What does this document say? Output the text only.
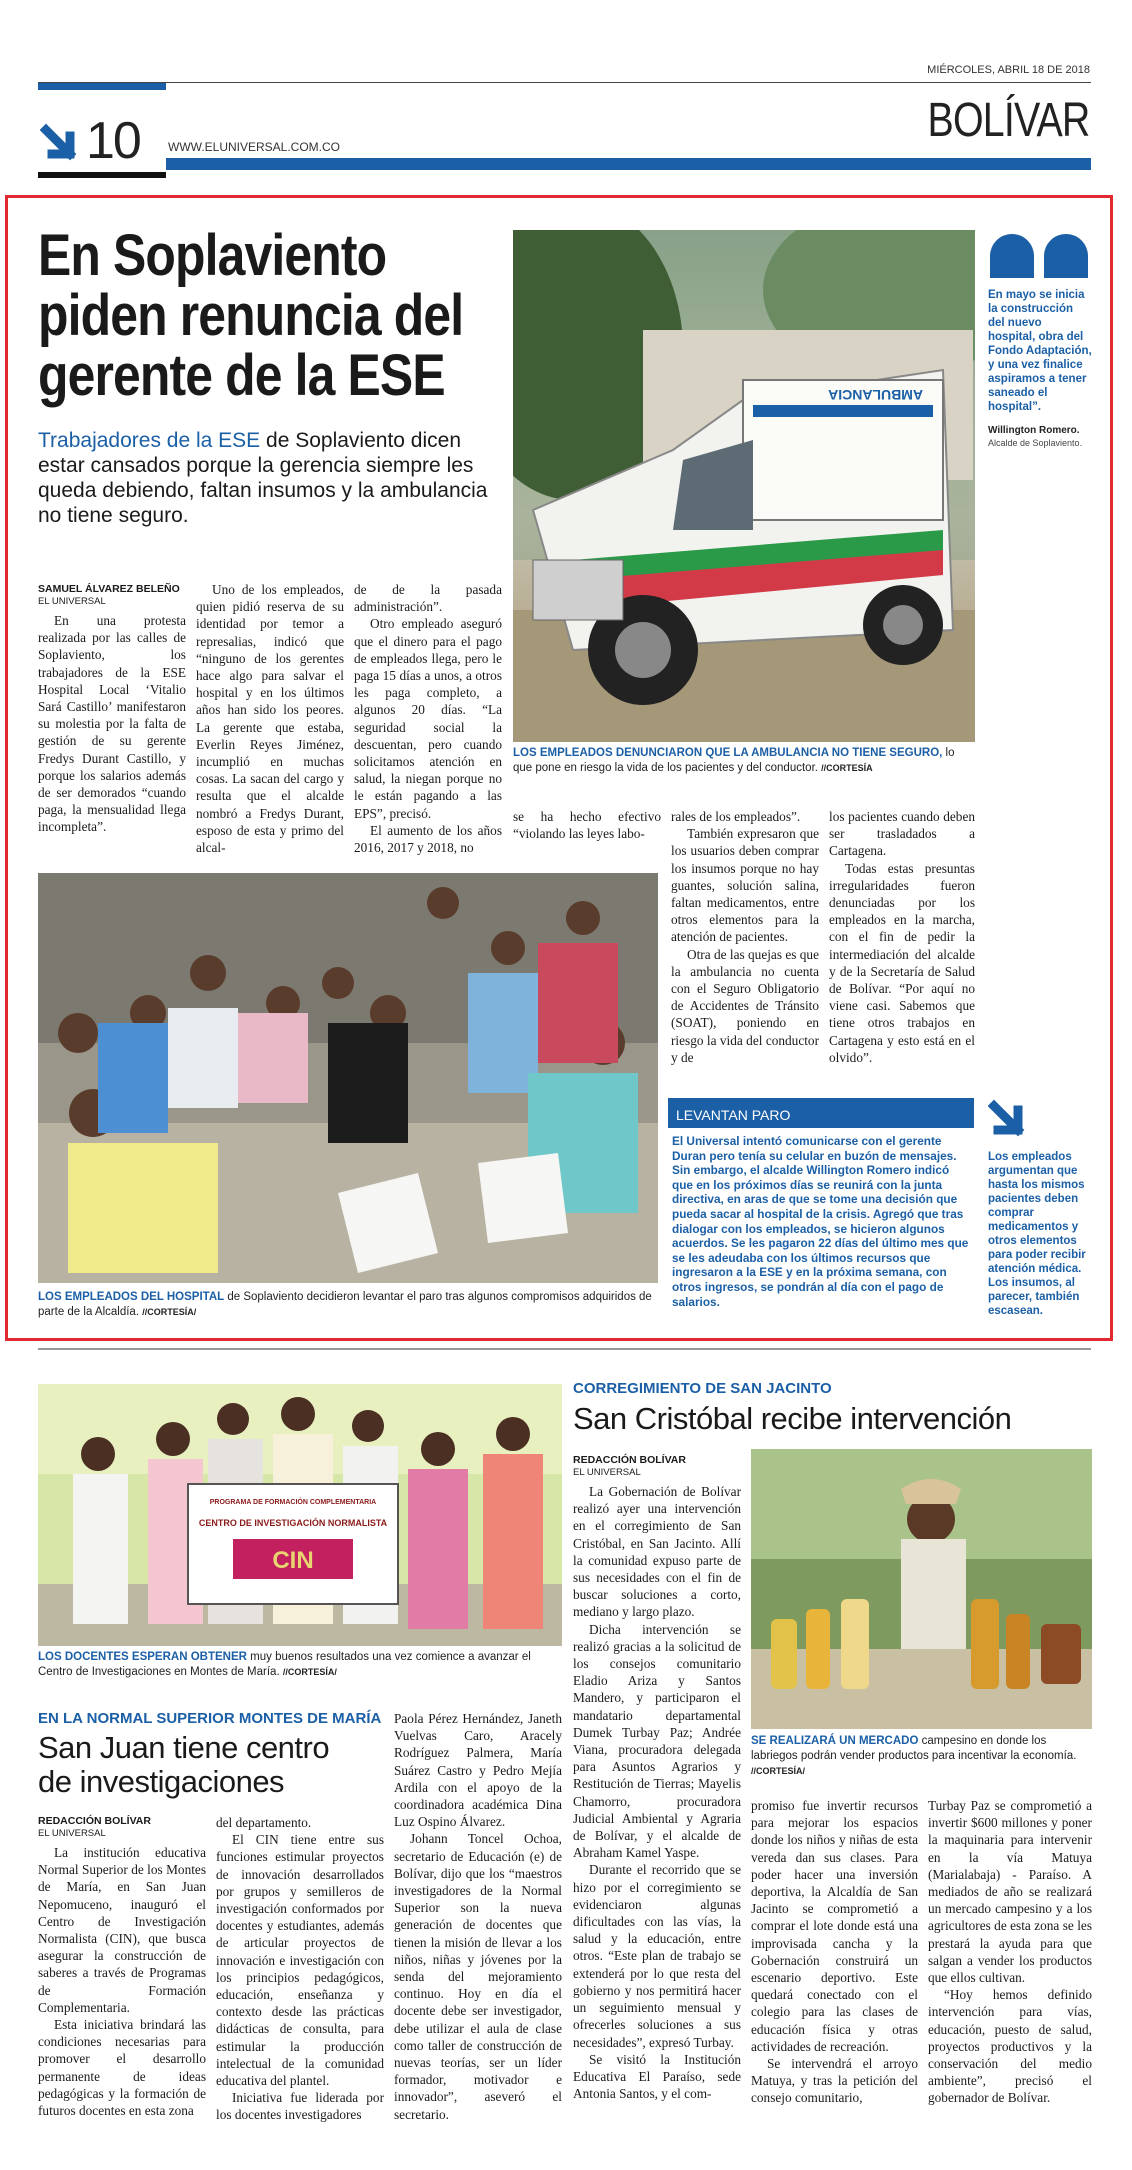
MIÉRCOLES, ABRIL 18 DE 2018
10 WWW.ELUNIVERSAL.COM.CO	BOLÍVAR
En Soplaviento piden renuncia del gerente de la ESE
Trabajadores de la ESE de Soplaviento dicen estar cansados porque la gerencia siempre les queda debiendo, faltan insumos y la ambulancia no tiene seguro.
AMBULANCIA
LOS EMPLEADOS DENUNCIARON QUE LA AMBULANCIA NO TIENE SEGURO, lo que pone en riesgo la vida de los pacientes y del conductor. //CORTESÍA
En mayo se inicia la construcción del nuevo hospital, obra del Fondo Adaptación, y una vez finalice aspiramos a tener saneado el hospital”.
Willington Romero.
Alcalde de Soplaviento.
SAMUEL ÁLVAREZ BELEÑO
EL UNIVERSAL

En una protesta realizada por las calles de Soplaviento, los trabajadores de la ESE Hospital Local ‘Vitalio Sará Castillo’ manifestaron su molestia por la falta de gestión de su gerente Fredys Durant Castillo, y porque los salarios además de ser demorados “cuando paga, la mensualidad llega incompleta”.

Uno de los empleados, quien pidió reserva de su identidad por temor a represalias, indicó que “ninguno de los gerentes hace algo para salvar el hospital y en los últimos años han sido los peores. La gerente que estaba, Everlin Reyes Jiménez, incumplió en muchas cosas. La sacan del cargo y resulta que el alcalde nombró a Fredys Durant, esposo de esta y primo del alcal-

de de la pasada administración”.

Otro empleado aseguró que el dinero para el pago de empleados llega, pero le paga 15 días a unos, a otros les paga completo, a algunos 20 días. “La seguridad social la descuentan, pero cuando solicitamos atención en salud, la niegan porque no le están pagando a las EPS”, precisó.

El aumento de los años 2016, 2017 y 2018, no

se ha hecho efectivo “violando las leyes labo-

rales de los empleados”.

También expresaron que los usuarios deben comprar los insumos porque no hay guantes, solución salina, faltan medicamentos, entre otros elementos para la atención de pacientes.

Otra de las quejas es que la ambulancia no cuenta con el Seguro Obligatorio de Accidentes de Tránsito (SOAT), poniendo en riesgo la vida del conductor y de

los pacientes cuando deben ser trasladados a Cartagena.

Todas estas presuntas irregularidades fueron denunciadas por los empleados en la marcha, con el fin de pedir la intermediación del alcalde y de la Secretaría de Salud de Bolívar. “Por aquí no viene casi. Sabemos que tiene otros trabajos en Cartagena y esto está en el olvido”.

LOS EMPLEADOS DEL HOSPITAL de Soplaviento decidieron levantar el paro tras algunos compromisos adquiridos de parte de la Alcaldía. //CORTESÍA/
LEVANTAN PARO
El Universal intentó comunicarse con el gerente Duran pero tenía su celular en buzón de mensajes. Sin embargo, el alcalde Willington Romero indicó que en los próximos días se reunirá con la junta directiva, en aras de que se tome una decisión que pueda sacar al hospital de la crisis. Agregó que tras dialogar con los empleados, se hicieron algunos acuerdos. Se les pagaron 22 días del último mes que se les adeudaba con los últimos recursos que ingresaron a la ESE y en la próxima semana, con otros ingresos, se pondrán al día con el pago de salarios.
Los empleados argumentan que hasta los mismos pacientes deben comprar medicamentos y otros elementos para poder recibir atención médica. Los insumos, al parecer, también escasean.
PROGRAMA DE FORMACIÓN COMPLEMENTARIA
CENTRO DE INVESTIGACIÓN NORMALISTA
CIN
LOS DOCENTES ESPERAN OBTENER muy buenos resultados una vez comience a avanzar el Centro de Investigaciones en Montes de María. //CORTESÍA/
EN LA NORMAL SUPERIOR MONTES DE MARÍA
San Juan tiene centro de investigaciones
REDACCIÓN BOLÍVAR
EL UNIVERSAL

La institución educativa Normal Superior de los Montes de María, en San Juan Nepomuceno, inauguró el Centro de Investigación Normalista (CIN), que busca asegurar la construcción de saberes a través de Programas de Formación Complementaria.

Esta iniciativa brindará las condiciones necesarias para promover el desarrollo permanente de ideas pedagógicas y la formación de futuros docentes en esta zona

del departamento.

El CIN tiene entre sus funciones estimular proyectos de innovación desarrollados por grupos y semilleros de investigación conformados por docentes y estudiantes, además de articular proyectos de innovación e investigación con los principios pedagógicos, educación, enseñanza y contexto desde las prácticas didácticas de consulta, para estimular la producción intelectual de la comunidad educativa del plantel.

Iniciativa fue liderada por los docentes investigadores

Paola Pérez Hernández, Janeth Vuelvas Caro, Aracely Rodríguez Palmera, María Suárez Castro y Pedro Mejía Ardila con el apoyo de la coordinadora académica Dina Luz Ospino Álvarez.

Johann Toncel Ochoa, secretario de Educación (e) de Bolívar, dijo que los “maestros investigadores de la Normal Superior son la nueva generación de docentes que tienen la misión de llevar a los niños, niñas y jóvenes por la senda del mejoramiento continuo. Hoy en día el docente debe ser investigador, debe utilizar el aula de clase como taller de construcción de nuevas teorías, ser un líder formador, motivador e innovador”, aseveró el secretario.

CORREGIMIENTO DE SAN JACINTO
San Cristóbal recibe intervención
REDACCIÓN BOLÍVAR
EL UNIVERSAL

La Gobernación de Bolívar realizó ayer una intervención en el corregimiento de San Cristóbal, en San Jacinto. Allí la comunidad expuso parte de sus necesidades con el fin de buscar soluciones a corto, mediano y largo plazo.

Dicha intervención se realizó gracias a la solicitud de los consejos comunitario Eladio Ariza y Santos Mandero, y participaron el mandatario departamental Dumek Turbay Paz; Andrée Viana, procuradora delegada para Asuntos Agrarios y Restitución de Tierras; Mayelis Chamorro, procuradora Judicial Ambiental y Agraria de Bolívar, y el alcalde de Abraham Kamel Yaspe.

Durante el recorrido que se hizo por el corregimiento se evidenciaron algunas dificultades con las vías, la salud y la educación, entre otros. “Este plan de trabajo se extenderá por lo que resta del gobierno y nos permitirá hacer un seguimiento mensual y ofrecerles soluciones a sus necesidades”, expresó Turbay.

Se visitó la Institución Educativa El Paraíso, sede Antonia Santos, y el com-

SE REALIZARÁ UN MERCADO campesino en donde los labriegos podrán vender productos para incentivar la economía. //CORTESÍA/

promiso fue invertir recursos para mejorar los espacios donde los niños y niñas de esta vereda dan sus clases. Para poder hacer una inversión deportiva, la Alcaldía de San Jacinto se comprometió a comprar el lote donde está una improvisada cancha y la Gobernación construirá un escenario deportivo. Este quedará conectado con el colegio para las clases de educación física y otras actividades de recreación.

Se intervendrá el arroyo Matuya, y tras la petición del consejo comunitario,

Turbay Paz se comprometió a invertir $600 millones y poner la maquinaria para intervenir en la vía Matuya (Marialabaja) - Paraíso. A mediados de año se realizará un mercado campesino y a los agricultores de esta zona se les prestará la ayuda para que salgan a vender los productos que ellos cultivan.

“Hoy hemos definido intervención para vías, educación, puesto de salud, proyectos productivos y la conservación del medio ambiente”, precisó el gobernador de Bolívar.
